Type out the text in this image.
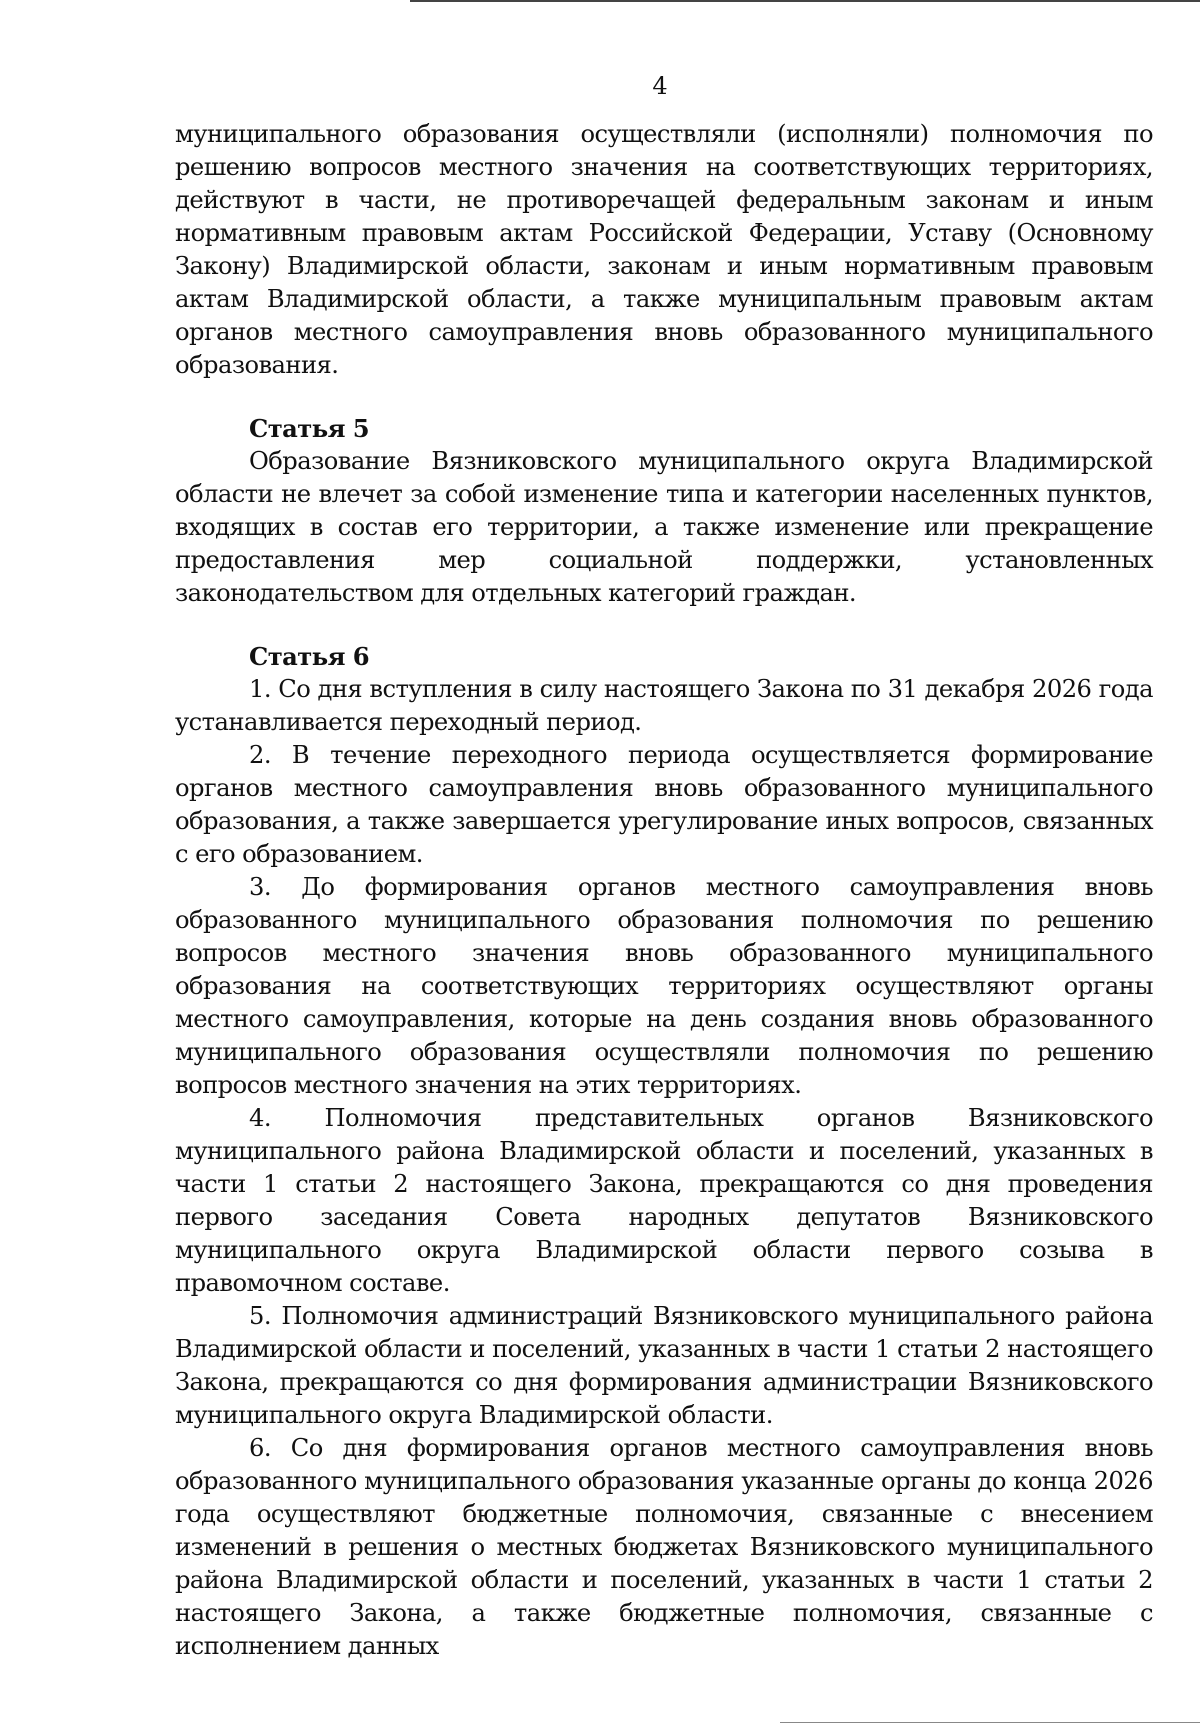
4

муниципального образования осуществляли (исполняли) полномочия по решению вопросов местного значения на соответствующих территориях, действуют в части, не противоречащей федеральным законам и иным нормативным правовым актам Российской Федерации, Уставу (Основному Закону) Владимирской области, законам и иным нормативным правовым актам Владимирской области, а также муниципальным правовым актам органов местного самоуправления вновь образованного муниципального образования.

Статья 5

Образование Вязниковского муниципального округа Владимирской области не влечет за собой изменение типа и категории населенных пунктов, входящих в состав его территории, а также изменение или прекращение предоставления мер социальной поддержки, установленных законодательством для отдельных категорий граждан.

Статья 6

1. Со дня вступления в силу настоящего Закона по 31 декабря 2026 года устанавливается переходный период.

2. В течение переходного периода осуществляется формирование органов местного самоуправления вновь образованного муниципального образования, а также завершается урегулирование иных вопросов, связанных с его образованием.

3. До формирования органов местного самоуправления вновь образованного муниципального образования полномочия по решению вопросов местного значения вновь образованного муниципального образования на соответствующих территориях осуществляют органы местного самоуправления, которые на день создания вновь образованного муниципального образования осуществляли полномочия по решению вопросов местного значения на этих территориях.

4. Полномочия представительных органов Вязниковского муниципального района Владимирской области и поселений, указанных в части 1 статьи 2 настоящего Закона, прекращаются со дня проведения первого заседания Совета народных депутатов Вязниковского муниципального округа Владимирской области первого созыва в правомочном составе.

5. Полномочия администраций Вязниковского муниципального района Владимирской области и поселений, указанных в части 1 статьи 2 настоящего Закона, прекращаются со дня формирования администрации Вязниковского муниципального округа Владимирской области.

6. Со дня формирования органов местного самоуправления вновь образованного муниципального образования указанные органы до конца 2026 года осуществляют бюджетные полномочия, связанные с внесением изменений в решения о местных бюджетах Вязниковского муниципального района Владимирской области и поселений, указанных в части 1 статьи 2 настоящего Закона, а также бюджетные полномочия, связанные с исполнением данных
